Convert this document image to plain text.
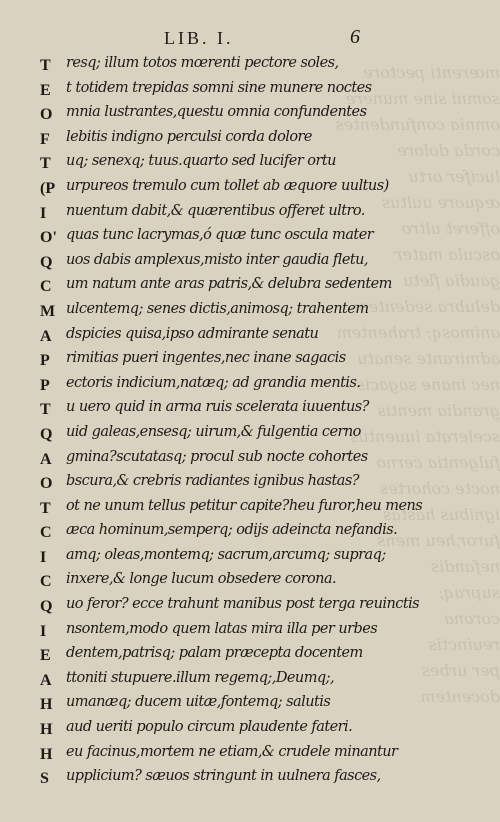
mœrenti pectore
somni sine munere
omnia confundentes
corda dolore
lucifer ortu
æquore uultus
offeret ultro
oscula mater
gaudia fletu
delubra sedentem
animosq; trahentem
admirante senatu
nec inane sagacis
grandia mentis
scelerata iuuentus
fulgentia cerno
nocte cohortes
ignibus hastas
furor,heu mens
nefandis
supraq;
corona
reuinctis
per urbes
docentem
LIB. I.	6
T resq; illum totos mœrenti pectore soles,
E t totidem trepidas somni sine munere noctes
O mnia lustrantes,questu omnia confundentes
F lebitis indigno perculsi corda dolore
T uq; senexq; tuus.quarto sed lucifer ortu
(P urpureos tremulo cum tollet ab æquore uultus)
I nuentum dabit,& quærentibus offeret ultro.
O' quas tunc lacrymas,ó quæ tunc oscula mater
Q uos dabis amplexus,misto inter gaudia fletu,
C um natum ante aras patris,& delubra sedentem
M ulcentemq; senes dictis,animosq; trahentem
A dspicies quisa,ipso admirante senatu
P rimitias pueri ingentes,nec inane sagacis
P ectoris indicium,natæq; ad grandia mentis.
T u uero quid in arma ruis scelerata iuuentus?
Q uid galeas,ensesq; uirum,& fulgentia cerno
A gmina?scutatasq; procul sub nocte cohortes
O bscura,& crebris radiantes ignibus hastas?
T ot ne unum tellus petitur capite?heu furor,heu mens
C æca hominum,semperq; odijs adeincta nefandis.
I amq; oleas,montemq; sacrum,arcumq; supraq;
C inxere,& longe lucum obsedere corona.
Q uo feror? ecce trahunt manibus post terga reuinctis
I nsontem,modo quem latas mira illa per urbes
E dentem,patrisq; palam præcepta docentem
A ttoniti stupuere.illum regemq;,Deumq;,
H umanæq; ducem uitæ,fontemq; salutis
H aud ueriti populo circum plaudente fateri.
H eu facinus,mortem ne etiam,& crudele minantur
S upplicium? sæuos stringunt in uulnera fasces,
